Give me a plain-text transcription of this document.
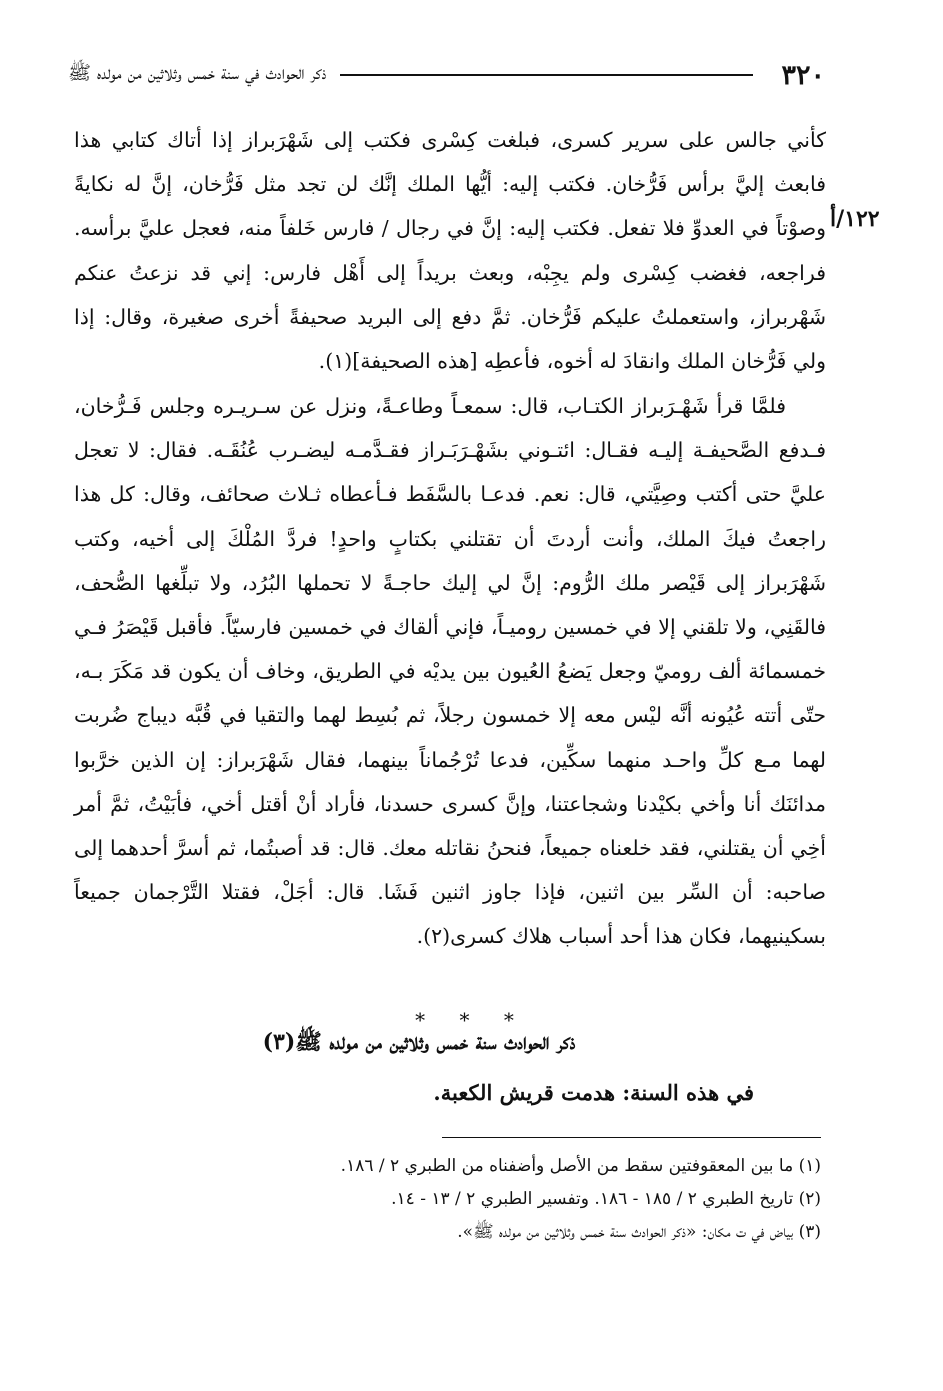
٣٢٠
ذكر الحوادث في سنة خمس وثلاثين من مولده ﷺ
١٢٢/أ

كأني جالس على سرير كسرى، فبلغت كِسْرى فكتب إلى شَهْرَبراز إذا أتاك كتابي هذا فابعث إليَّ برأس فَرُّخان. فكتب إليه: أيُّها الملك إنَّك لن تجد مثل فَرُّخان، إنَّ له نكايةً وصوْتاً في العدوِّ فلا تفعل. فكتب إليه: إنَّ في رجال / فارس خَلفاً منه، فعجل عليَّ برأسه. فراجعه، فغضب كِسْرى ولم يجِبْه، وبعث بريداً إلى أَهْل فارس: إني قد نزعتُ عنكم شَهْربراز، واستعملتُ عليكم فَرُّخان. ثمَّ دفع إلى البريد صحيفةً أخرى صغيرة، وقال: إذا ولي فَرُّخان الملك وانقادَ له أخوه، فأعطِه [هذه الصحيفة](١).

فلمَّا قرأ شَهْـرَبراز الكتـاب، قال: سمعـاً وطاعـةً، ونزل عن سـريـره وجلس فَـرُّخان، فـدفع الصَّحيفـة إليـه فقـال: ائتـوني بشَهْـرَبَـراز فقـدَّمـه ليضـرب عُنُقَـه. فقال: لا تعجل عليَّ حتى أكتب وصِيَّتي، قال: نعم. فدعـا بالسَّفَط فـأعطاه ثـلاث صحائف، وقال: كل هذا راجعتُ فيكَ الملك، وأنت أردتَ أن تقتلني بكتابٍ واحدٍ! فردَّ المُلْكَ إلى أخيه، وكتب شَهْرَبراز إلى قَيْصر ملك الرُّوم: إنَّ لي إليك حاجـةً لا تحملها البُرُد، ولا تبلِّغها الصُّحف، فالقَنِي، ولا تلقني إلا في خمسين روميـاً، فإني ألقاك في خمسين فارسيّاً. فأقبل قَيْصَرُ فـي خمسمائة ألف روميّ وجعل يَضعُ العُيون بين يديْه في الطريق، وخاف أن يكون قد مَكَرَ بـه، حتّى أتته عُيُونه أنَّه ليْس معه إلا خمسون رجلاً، ثم بُسِط لهما والتقيا في قُبَّه ديباج ضُربت لهما مـع كلِّ واحـد منهما سكِّين، فدعا تُرْجُماناً بينهما، فقال شَهْرَبراز: إن الذين خرَّبوا مدائنَك أنا وأخي بكيْدنا وشجاعتنا، وإنَّ كسرى حسدنا، فأراد أنْ أقتل أخي، فأبَيْتُ، ثمَّ أمر أخِي أن يقتلني، فقد خلعناه جميعاً، فنحنُ نقاتله معك. قال: قد أصبتُما، ثم أسرَّ أحدهما إلى صاحبه: أن السِّر بين اثنين، فإذا جاوز اثنين فَشَا. قال: أجَلْ، فقتلا التَّرْجمان جميعاً بسكينيهما، فكان هذا أحد أسباب هلاك كسرى(٢).

* * *
ذكر الحوادث سنة خمس وثلاثين من مولده ﷺ(٣)
في هذه السنة: هدمت قريش الكعبة.

(١) ما بين المعقوفتين سقط من الأصل وأضفناه من الطبري ٢ / ١٨٦.

(٢) تاريخ الطبري ٢ / ١٨٥ - ١٨٦. وتفسير الطبري ٢ / ١٣ - ١٤.

(٣) بياض في ت مكان: «ذكر الحوادث سنة خمس وثلاثين من مولده ﷺ».
